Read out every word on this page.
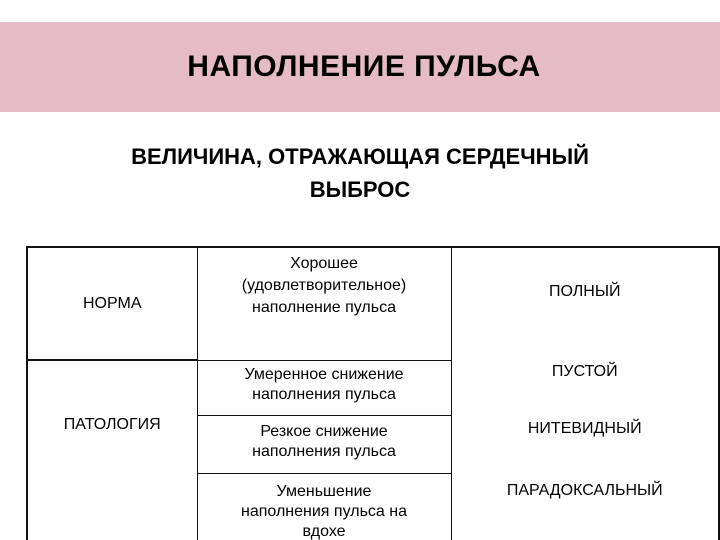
НАПОЛНЕНИЕ ПУЛЬСА
ВЕЛИЧИНА, ОТРАЖАЮЩАЯ СЕРДЕЧНЫЙ
ВЫБРОС
НОРМА	Хорошее
(удовлетворительное)
наполнение пульса	ПОЛНЫЙ

ПАТОЛОГИЯ	Умеренное снижение
наполнения пульса	ПУСТОЙ

	Резкое снижение
наполнения пульса	НИТЕВИДНЫЙ

	Уменьшение
наполнения пульса на
вдохе	ПАРАДОКСАЛЬНЫЙ
